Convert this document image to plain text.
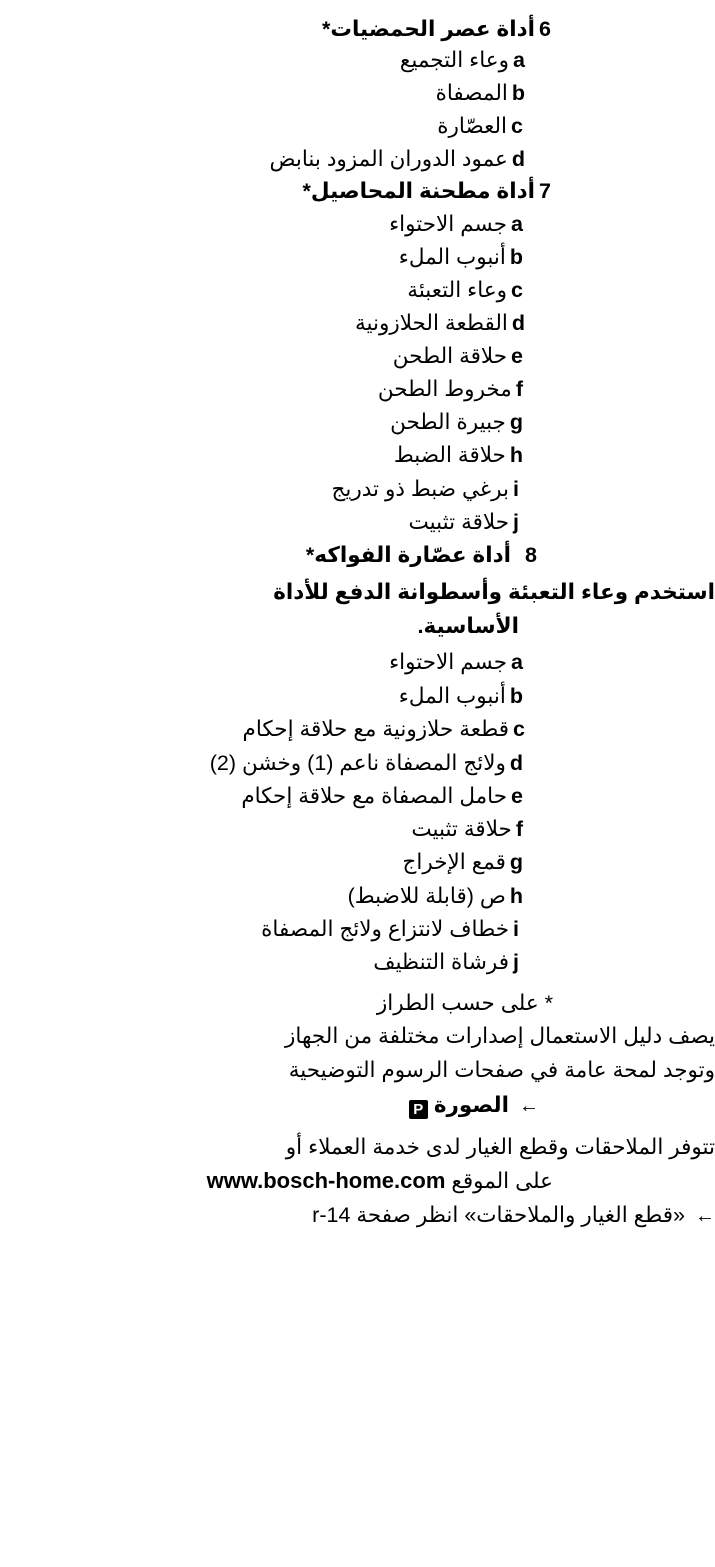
6أداة عصر الحمضيات*
aوعاء التجميع
bالمصفاة
cالعصّارة
dعمود الدوران المزود بنابض
7أداة مطحنة المحاصيل*
aجسم الاحتواء
bأنبوب الملء
cوعاء التعبئة
dالقطعة الحلازونية
eحلاقة الطحن
fمخروط الطحن
gجبيرة الطحن
hحلاقة الضبط
iبرغي ضبط ذو تدريج
jحلاقة تثبيت
8أداة عصّارة الفواكه*
استخدم وعاء التعبئة وأسطوانة الدفع للأداة
الأساسية.
aجسم الاحتواء
bأنبوب الملء
cقطعة حلازونية مع حلاقة إحكام
dولائج المصفاة ناعم (1) وخشن (2)
eحامل المصفاة مع حلاقة إحكام
fحلاقة تثبيت
gقمع الإخراج
hص (قابلة للاضبط)
iخطاف لانتزاع ولائج المصفاة
jفرشاة التنظيف
* على حسب الطراز
يصف دليل الاستعمال إصدارات مختلفة من الجهاز
وتوجد لمحة عامة في صفحات الرسوم التوضيحية
←الصورةP
تتوفر الملاحقات وقطع الغيار لدى خدمة العملاء أو
على الموقع www.bosch-home.com
←«قطع الغيار والملاحقات» انظر صفحة r-14
